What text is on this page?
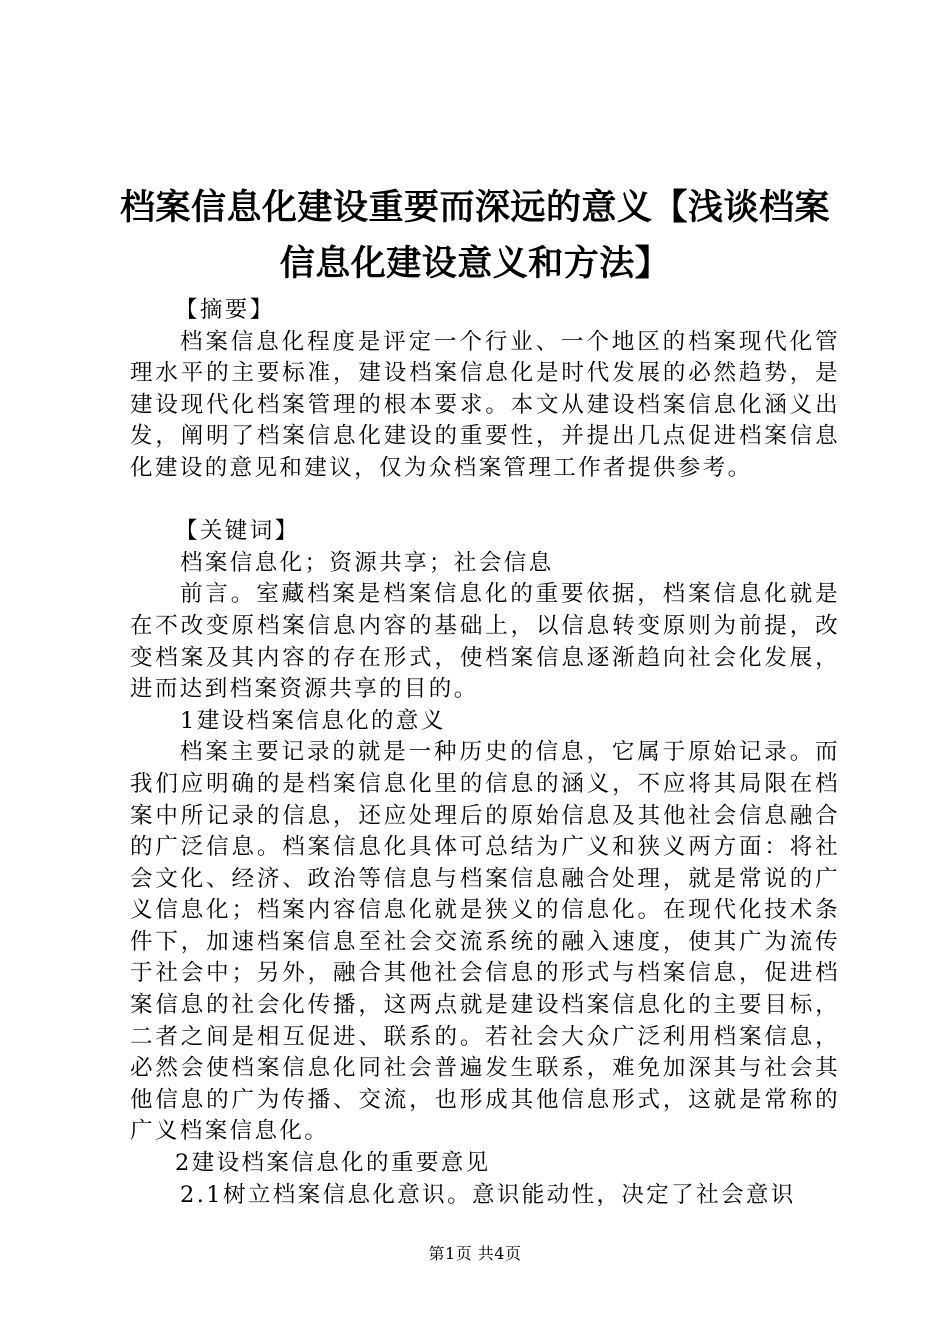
档案信息化建设重要而深远的意义【浅谈档案信息化建设意义和方法】

【摘要】

档案信息化程度是评定一个行业、一个地区的档案现代化管理水平的主要标准，建设档案信息化是时代发展的必然趋势，是建设现代化档案管理的根本要求。本文从建设档案信息化涵义出发，阐明了档案信息化建设的重要性，并提出几点促进档案信息化建设的意见和建议，仅为众档案管理工作者提供参考。

【关键词】

档案信息化；资源共享；社会信息

前言。室藏档案是档案信息化的重要依据，档案信息化就是在不改变原档案信息内容的基础上，以信息转变原则为前提，改变档案及其内容的存在形式，使档案信息逐渐趋向社会化发展，进而达到档案资源共享的目的。

1建设档案信息化的意义

档案主要记录的就是一种历史的信息，它属于原始记录。而我们应明确的是档案信息化里的信息的涵义，不应将其局限在档案中所记录的信息，还应处理后的原始信息及其他社会信息融合的广泛信息。档案信息化具体可总结为广义和狭义两方面：将社会文化、经济、政治等信息与档案信息融合处理，就是常说的广义信息化；档案内容信息化就是狭义的信息化。在现代化技术条件下，加速档案信息至社会交流系统的融入速度，使其广为流传于社会中；另外，融合其他社会信息的形式与档案信息，促进档案信息的社会化传播，这两点就是建设档案信息化的主要目标，二者之间是相互促进、联系的。若社会大众广泛利用档案信息，必然会使档案信息化同社会普遍发生联系，难免加深其与社会其他信息的广为传播、交流，也形成其他信息形式，这就是常称的广义档案信息化。

2建设档案信息化的重要意见

2.1树立档案信息化意识。意识能动性，决定了社会意识

第1页 共4页
